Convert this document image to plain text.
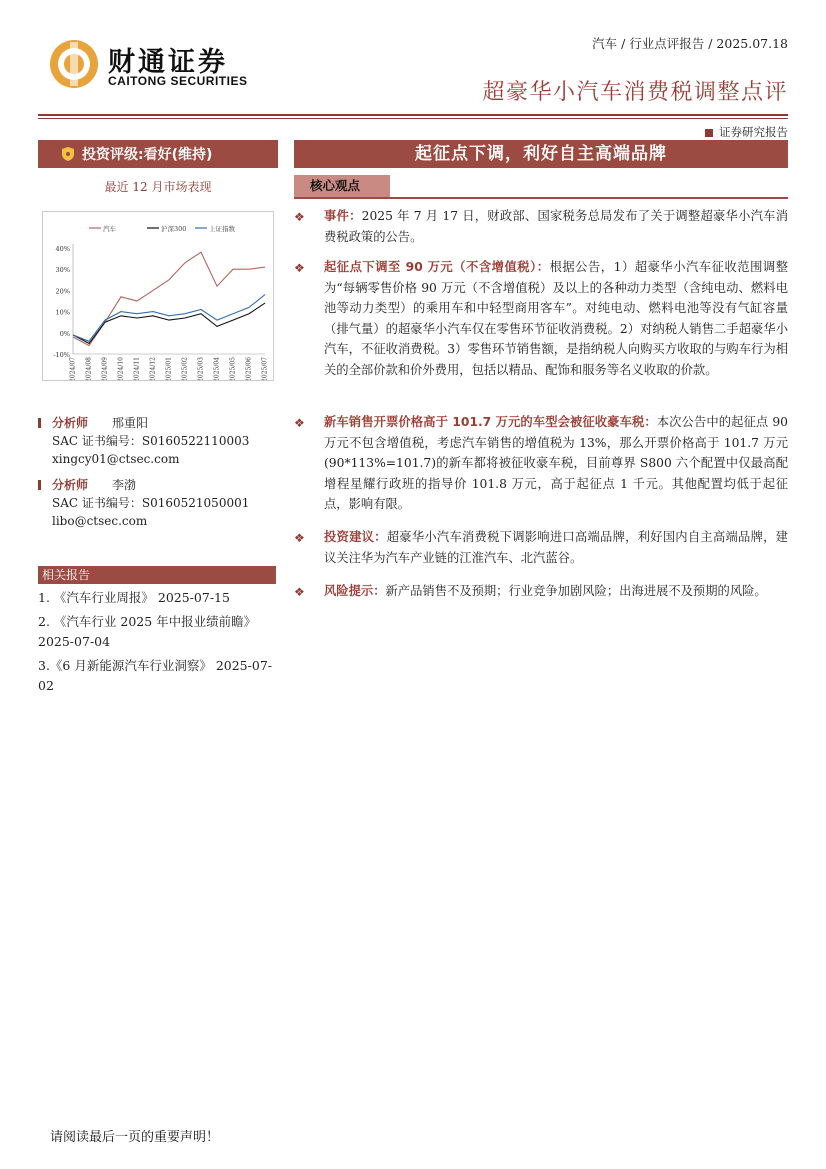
财通证券
CAITONG SECURITIES
汽车 / 行业点评报告 / 2025.07.18
超豪华小汽车消费税调整点评
证券研究报告
投资评级:看好(维持)
最近 12 月市场表现
40%
30%
20%
10%
0%
-10%
2024/07 2024/08 2024/09 2024/10 2024/11 2024/12 2025/01 2025/02 2025/03 2025/04 2025/05 2025/06 2025/07
汽车	沪深300	上证指数
分析师 邢重阳
SAC 证书编号：S0160522110003
xingcy01@ctsec.com
分析师 李渤
SAC 证书编号：S0160521050001
libo@ctsec.com
相关报告
1. 《汽车行业周报》 2025-07-15
2. 《汽车行业 2025 年中报业绩前瞻》 2025-07-04
3.《6 月新能源汽车行业洞察》 2025-07-02
起征点下调，利好自主高端品牌
核心观点
❖ 事件：2025 年 7 月 17 日，财政部、国家税务总局发布了关于调整超豪华小汽车消费税政策的公告。
❖ 起征点下调至 90 万元（不含增值税）：根据公告，1）超豪华小汽车征收范围调整为“每辆零售价格 90 万元（不含增值税）及以上的各种动力类型（含纯电动、燃料电池等动力类型）的乘用车和中轻型商用客车”。对纯电动、燃料电池等没有气缸容量（排气量）的超豪华小汽车仅在零售环节征收消费税。2）对纳税人销售二手超豪华小汽车，不征收消费税。3）零售环节销售额，是指纳税人向购买方收取的与购车行为相关的全部价款和价外费用，包括以精品、配饰和服务等名义收取的价款。
❖ 新车销售开票价格高于 101.7 万元的车型会被征收豪车税：本次公告中的起征点 90 万元不包含增值税，考虑汽车销售的增值税为 13%，那么开票价格高于 101.7 万元(90*113%=101.7)的新车都将被征收豪车税，目前尊界 S800 六个配置中仅最高配增程星耀行政班的指导价 101.8 万元，高于起征点 1 千元。其他配置均低于起征点，影响有限。
❖ 投资建议：超豪华小汽车消费税下调影响进口高端品牌，利好国内自主高端品牌，建议关注华为汽车产业链的江淮汽车、北汽蓝谷。
❖ 风险提示：新产品销售不及预期；行业竞争加剧风险；出海进展不及预期的风险。
请阅读最后一页的重要声明！
